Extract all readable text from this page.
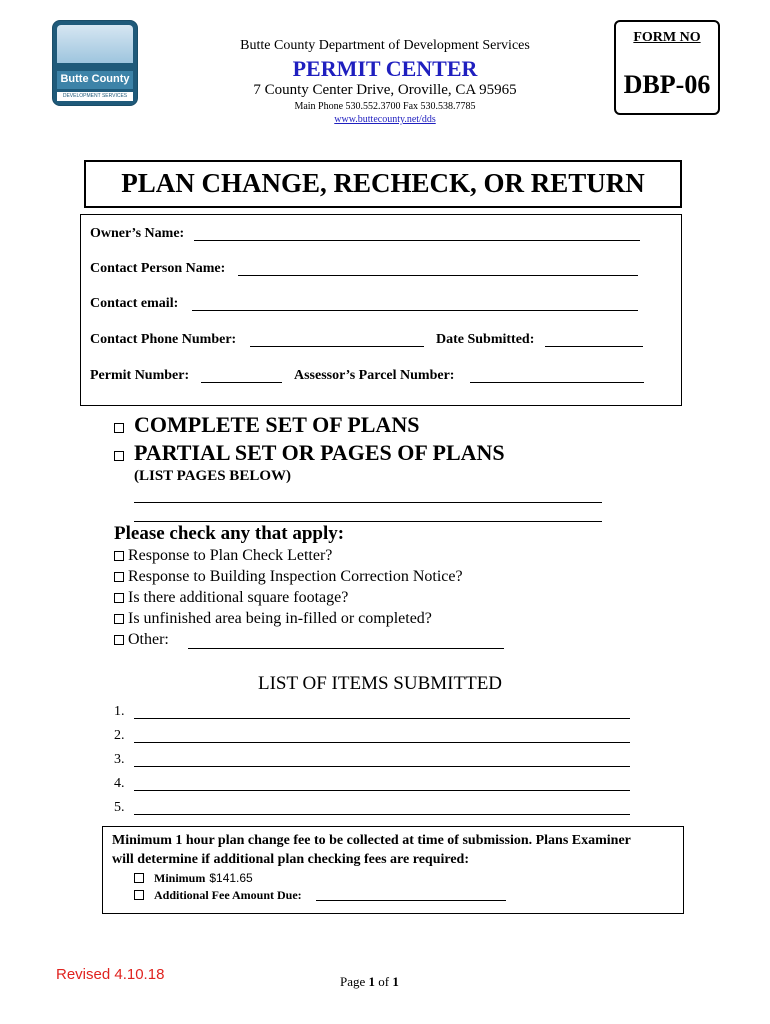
Butte County
DEVELOPMENT SERVICES
Butte County Department of Development Services
PERMIT CENTER
7 County Center Drive, Oroville, CA 95965
Main Phone 530.552.3700 Fax 530.538.7785
www.buttecounty.net/dds
FORM NO
DBP-06
PLAN CHANGE, RECHECK, OR RETURN
Owner’s Name:
Contact Person Name:
Contact email:
Contact Phone Number:	Date Submitted:
Permit Number:	Assessor’s Parcel Number:
COMPLETE SET OF PLANS
PARTIAL SET OR PAGES OF PLANS
(LIST PAGES BELOW)
Please check any that apply:
Response to Plan Check Letter?
Response to Building Inspection Correction Notice?
Is there additional square footage?
Is unfinished area being in-filled or completed?
Other:
LIST OF ITEMS SUBMITTED
1.
2.
3.
4.
5.
Minimum 1 hour plan change fee to be collected at time of submission. Plans Examiner
will determine if additional plan checking fees are required:
Minimum $141.65
Additional Fee Amount Due:
Revised 4.10.18	Page 1 of 1
